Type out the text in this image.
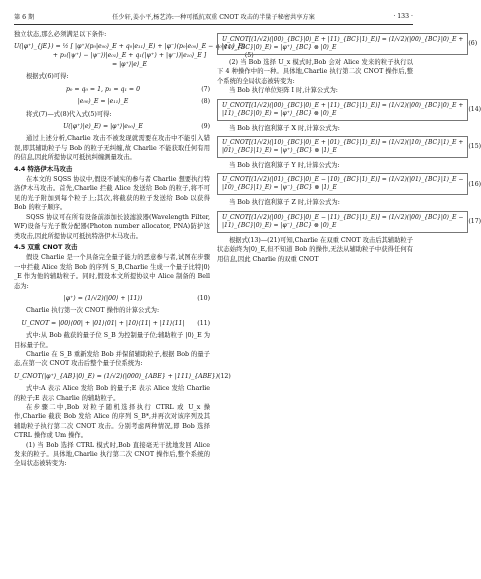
第 6 期	任少轩,姜小平,杨艺涛:一种可抵抗双重 CNOT 攻击的半量子秘密共享方案	· 133 ·

独立状态,那么必须满足以下条件:

U(|φ⁺⟩_{jE}) = ½ [ |φ⁺⟩(p₀|e₀₀⟩_E + q₀|e₁₁⟩_E) + |φ⁻⟩(p₀|e₀₀⟩_E − q₀|e₁₁⟩_E)
+ p₁(|ψ⁺⟩ − |ψ⁻⟩)|e₀₁⟩_E + q₁(|ψ⁺⟩ + |ψ⁻⟩)|e₁₀⟩_E ]
= |φ⁺⟩|e⟩_E
(5)

根据式(6)可得:

p₀ = q₀ = 1, p₁ = q₁ = 0	(7)
|e₀₀⟩_E = |e₁₁⟩_E	(8)

将式(7)—式(8)代入式(5)可得:

U(|φ⁺⟩|e⟩_E) = |φ⁺⟩|e₀₀⟩_E	(9)

通过上述分析,Charlie 攻击不被发现就需要在攻击中不能引入错误,即其辅助粒子与 Bob 的粒子无纠缠,故 Charlie 不能获取任何有用的信息,因此所提协议可抵抗纠缠测量攻击。

4.4 特洛伊木马攻击

在本文的 SQSS 协议中,假设不诚实的参与者 Charlie 想要执行特洛伊木马攻击。首先,Charlie 拦截 Alice 发送给 Bob 的粒子,将不可见的光子附加到每个粒子上;其次,将截获的粒子发送给 Bob 以获得 Bob 的粒子顺序。

SQSS 协议可在所有设备前添加长波滤波器(Wavelength Filter, WF)设备与光子数分配器(Photon number allocator, PNA)防护这类攻击,因此所提协议可抵抗特洛伊木马攻击。

4.5 双重 CNOT 攻击

假设 Charlie 是一个具备完全量子能力的恶意参与者,试图在步骤一中拦截 Alice 发给 Bob 的序列 S_B,Charlie 生成一个量子比特|0⟩_E 作为他的辅助粒子。同时,假设本文所提协议中 Alice 制备的 Bell 态为:

|φ⁺⟩ = (1/√2)(|00⟩ + |11⟩)	(10)

Charlie 执行第一次 CNOT 操作的计算公式为:

U_CNOT = |00⟩⟨00| + |01⟩⟨01| + |10⟩⟨11| + |11⟩⟨11|	(11)

式中:从 Bob 截获的量子位 S_B 为控制量子位;辅助粒子 |0⟩_E 为目标量子位。

Charlie 在 S_B 重新发给 Bob 并保留辅助粒子,根据 Bob 的量子态,在第一次 CNOT 攻击后整个量子位系统为:

U_CNOT(|φ⁺⟩_{AB}|0⟩_E) = (1/√2)(|000⟩_{ABE} + |111⟩_{ABE}) (12)

式中:A 表示 Alice 发给 Bob 的量子;E 表示 Alice 发给 Charlie 的粒子;E 表示 Charlie 的辅助粒子。

在步骤二中,Bob 对粒子随机选择执行 CTRL 或 U_x 操作,Charlie 截获 Bob 发给 Alice 的序列 S_B*,并再次对该序列及其辅助粒子执行第二次 CNOT 攻击。分别考虑两种情况,即 Bob 选择 CTRL 操作或 Um 操作。

(1) 当 Bob 选择 CTRL 模式时,Bob 直接毫无干扰地发回 Alice 发来的粒子。具体地,Charlie 执行第二次 CNOT 操作后,整个系统的全局状态被转变为:

U_CNOT[(1/√2)(|00⟩_{BC}|0⟩_E + |11⟩_{BC}|1⟩_E)] = (1/√2)(|00⟩_{BC}|0⟩_E +
|11⟩_{BC}|0⟩_E) = |φ⁺⟩_{BC} ⊗ |0⟩_E
(6)

(2) 当 Bob 选择 U_x 模式时,Bob 会对 Alice 发来的粒子执行以下 4 种操作中的一种。具体地,Charlie 执行第二次 CNOT 操作后,整个系统的全局状态被转变为:

当 Bob 执行单位矩阵 I 时,计算公式为:

U_CNOT[(1/√2)(|00⟩_{BC}|0⟩_E + |11⟩_{BC}|1⟩_E)] = (1/√2)(|00⟩_{BC}|0⟩_E +
|11⟩_{BC}|0⟩_E) = |φ⁺⟩_{BC} ⊗ |0⟩_E
(14)

当 Bob 执行泡利算子 X 时,计算公式为:

U_CNOT[(1/√2)(|10⟩_{BC}|0⟩_E + |01⟩_{BC}|1⟩_E)] = (1/√2)(|10⟩_{BC}|1⟩_E +
|01⟩_{BC}|1⟩_E) = |ψ⁺⟩_{BC} ⊗ |1⟩_E
(15)

当 Bob 执行泡利算子 Y 时,计算公式为:

U_CNOT[(1/√2)(|01⟩_{BC}|0⟩_E − |10⟩_{BC}|1⟩_E)] = (1/√2)(|01⟩_{BC}|1⟩_E −
|10⟩_{BC}|1⟩_E) = |ψ⁻⟩_{BC} ⊗ |1⟩_E
(16)

当 Bob 执行泡利算子 Z 时,计算公式为:

U_CNOT[(1/√2)(|00⟩_{BC}|0⟩_E − |11⟩_{BC}|1⟩_E)] = (1/√2)(|00⟩_{BC}|0⟩_E −
|11⟩_{BC}|0⟩_E) = |φ⁻⟩_{BC} ⊗ |0⟩_E
(17)

根据式(13)—(21)可知,Charlie 在双重 CNOT 攻击后其辅助粒子状态始终为|0⟩_E,但不知道 Bob 的操作,无法从辅助粒子中获得任何有用信息,因此 Charlie 的双重 CNOT
